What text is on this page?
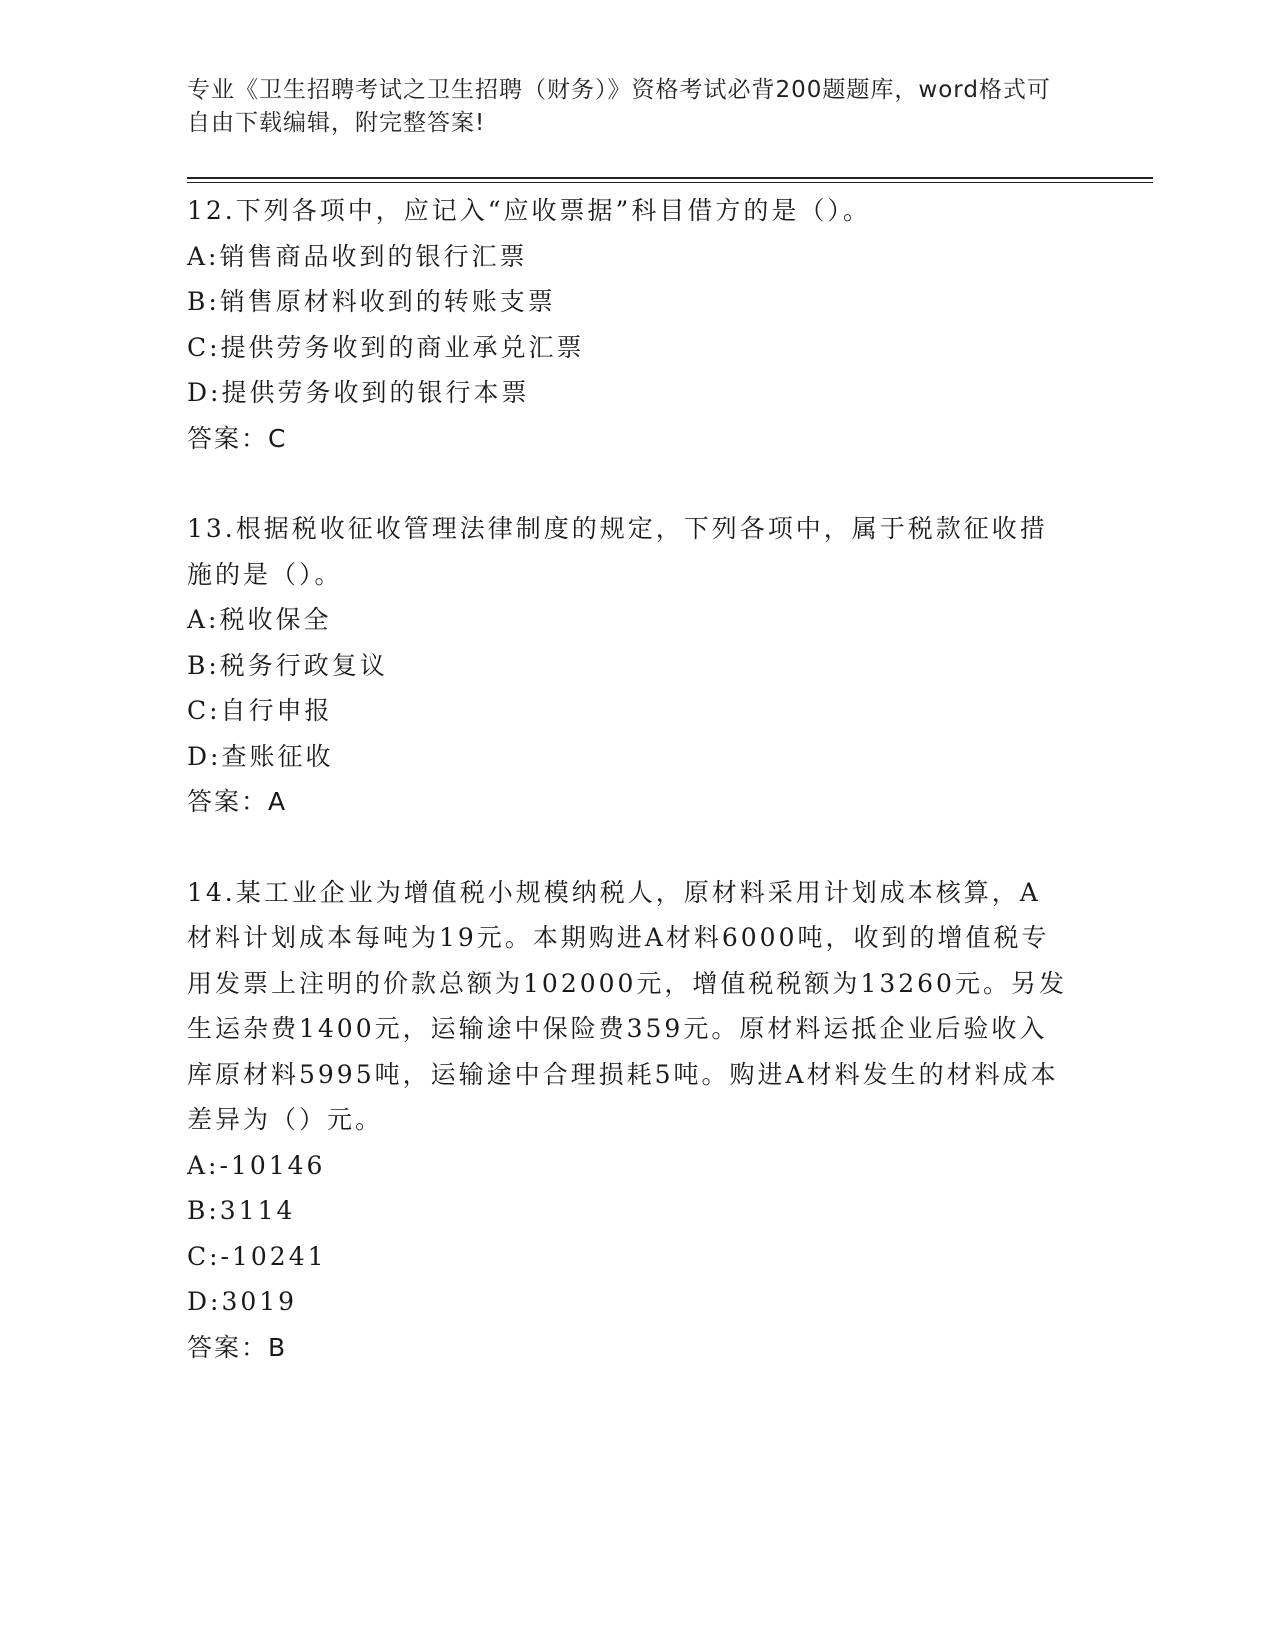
专业《卫生招聘考试之卫生招聘（财务）》资格考试必背200题题库，word格式可自由下载编辑，附完整答案!

12.下列各项中，应记入“应收票据”科目借方的是（）。

A:销售商品收到的银行汇票

B:销售原材料收到的转账支票

C:提供劳务收到的商业承兑汇票

D:提供劳务收到的银行本票

答案：C

13.根据税收征收管理法律制度的规定，下列各项中，属于税款征收措施的是（）。

A:税收保全

B:税务行政复议

C:自行申报

D:查账征收

答案：A

14.某工业企业为增值税小规模纳税人，原材料采用计划成本核算，A材料计划成本每吨为19元。本期购进A材料6000吨，收到的增值税专用发票上注明的价款总额为102000元，增值税税额为13260元。另发生运杂费1400元，运输途中保险费359元。原材料运抵企业后验收入库原材料5995吨，运输途中合理损耗5吨。购进A材料发生的材料成本差异为（）元。

A:-10146

B:3114

C:-10241

D:3019

答案：B
